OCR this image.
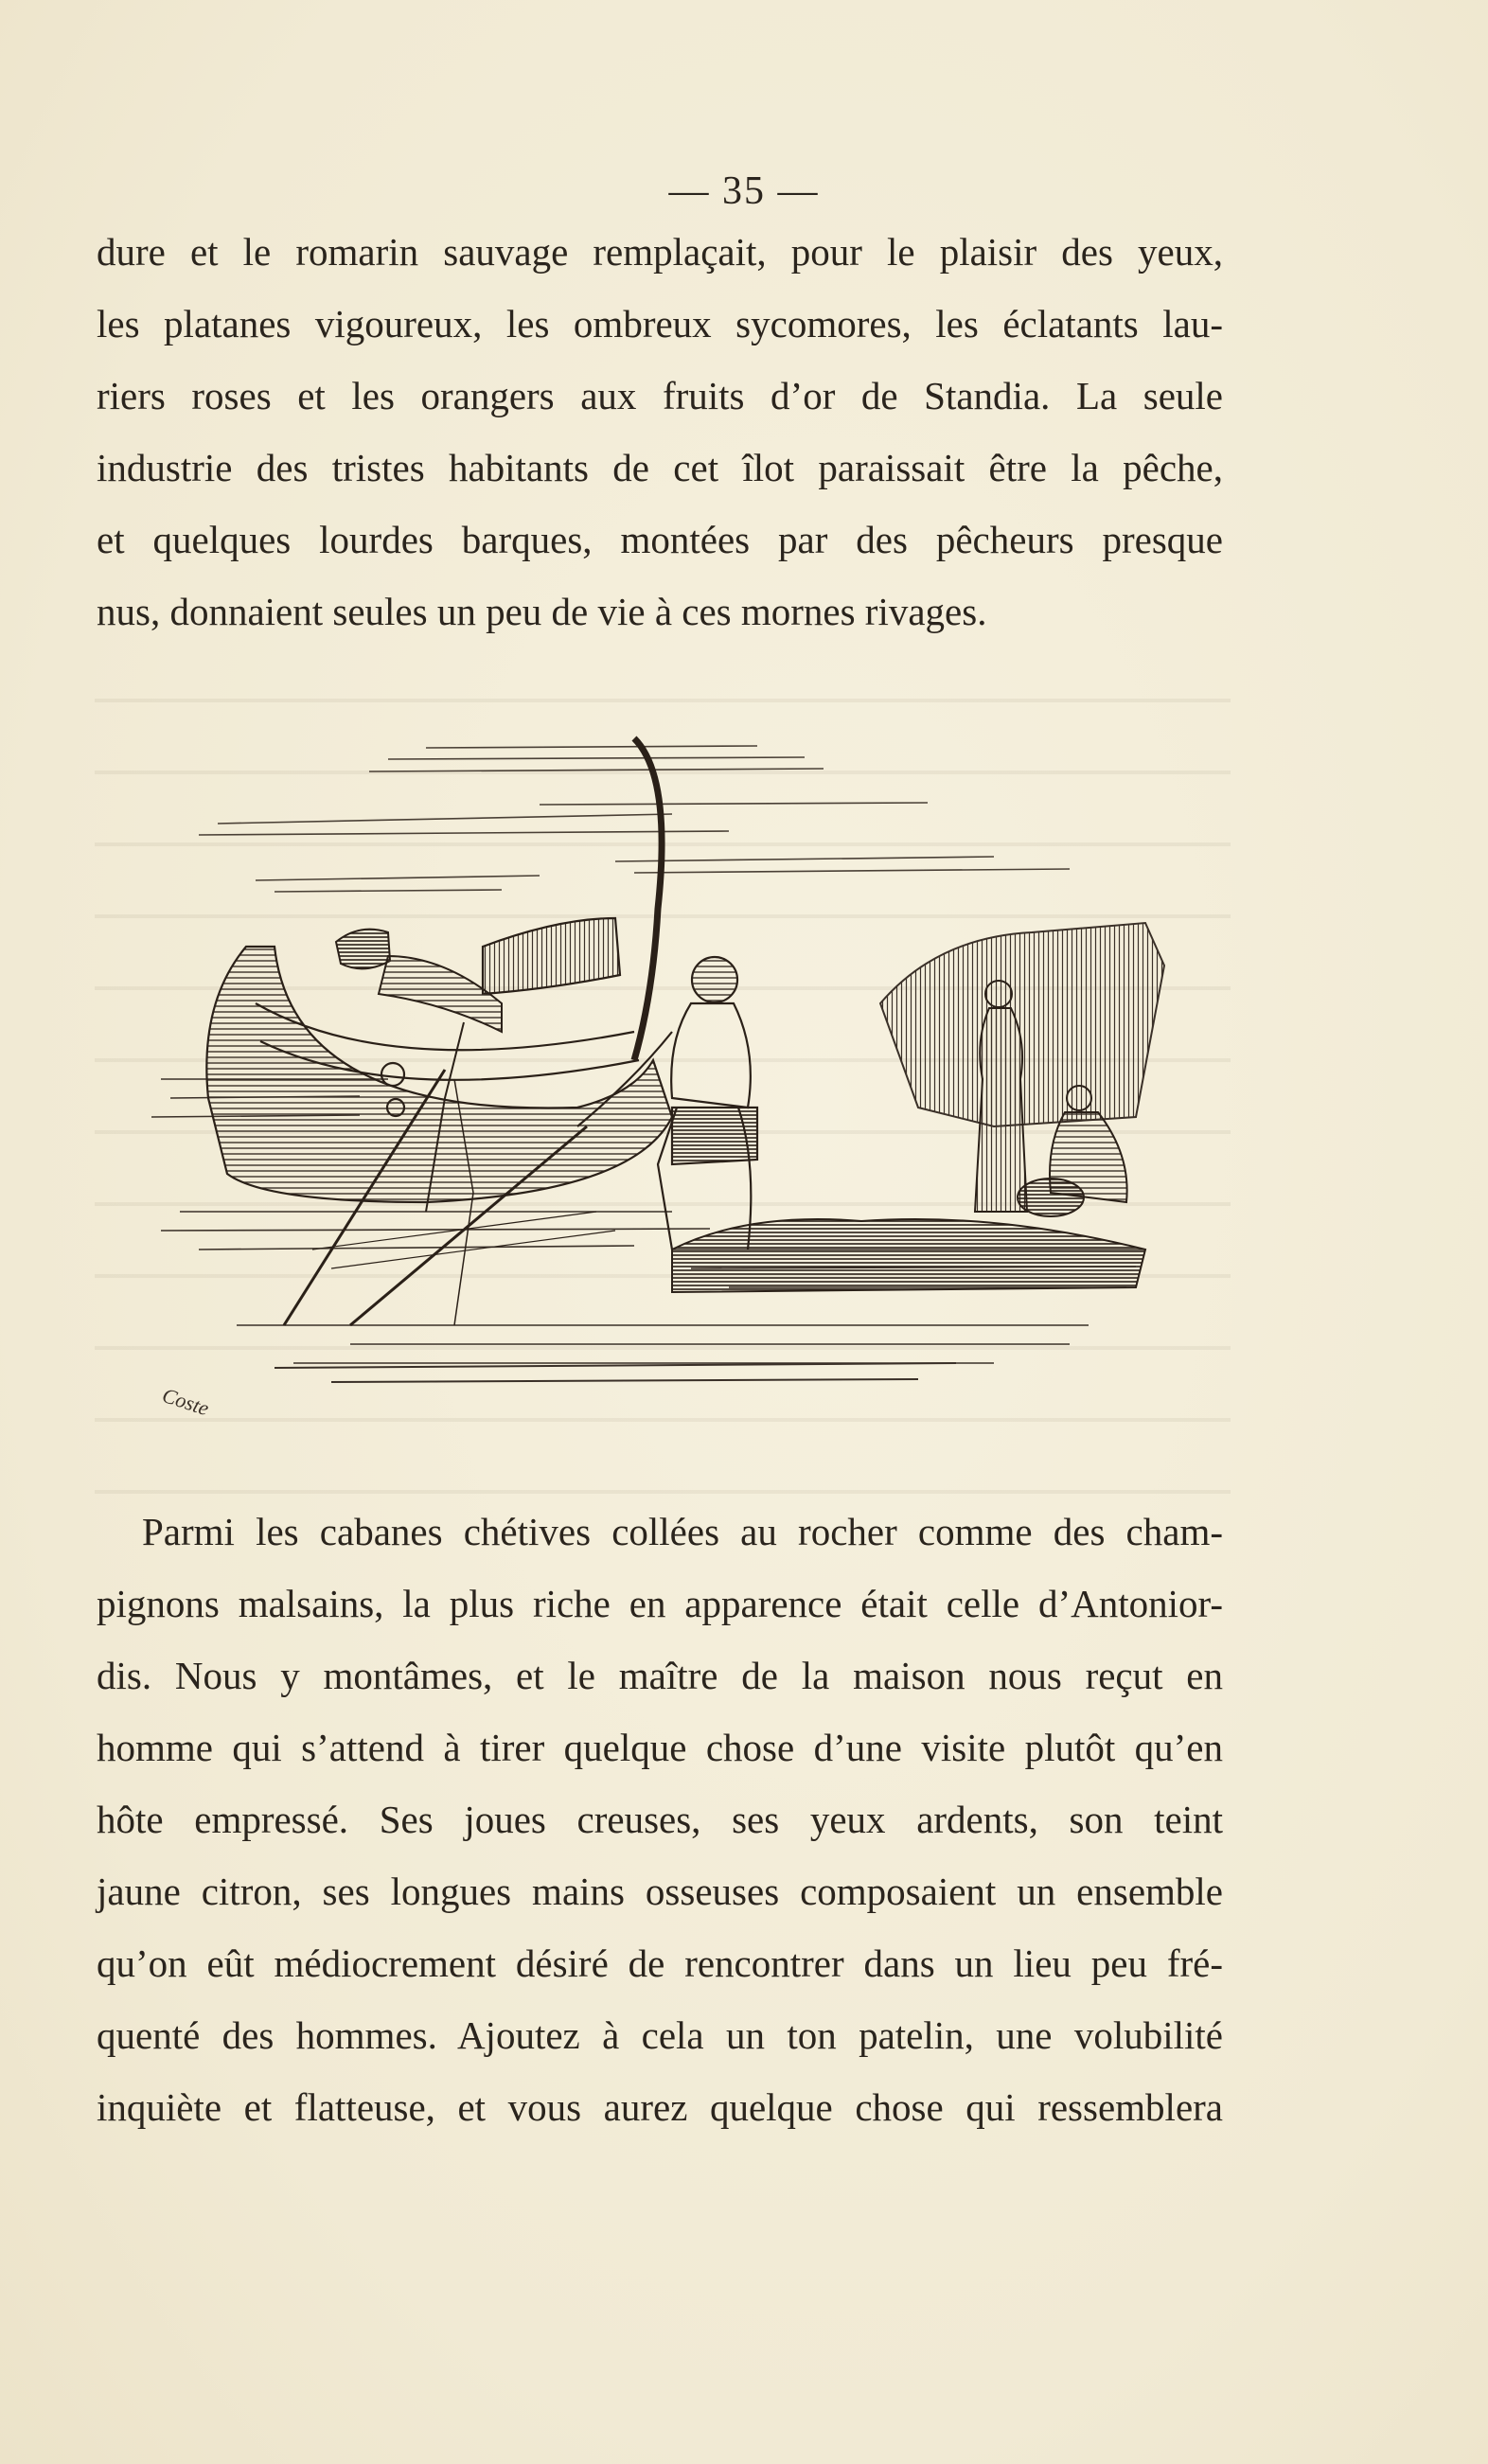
— 35 —
dure et le romarin sauvage remplaçait, pour le plaisir des yeux,
les platanes vigoureux, les ombreux sycomores, les éclatants lau-
riers roses et les orangers aux fruits d’or de Standia. La seule
industrie des tristes habitants de cet îlot paraissait être la pêche,
et quelques lourdes barques, montées par des pêcheurs presque
nus, donnaient seules un peu de vie à ces mornes rivages.
Coste
Parmi les cabanes chétives collées au rocher comme des cham-
pignons malsains, la plus riche en apparence était celle d’Antonior-
dis. Nous y montâmes, et le maître de la maison nous reçut en
homme qui s’attend à tirer quelque chose d’une visite plutôt qu’en
hôte empressé. Ses joues creuses, ses yeux ardents, son teint
jaune citron, ses longues mains osseuses composaient un ensemble
qu’on eût médiocrement désiré de rencontrer dans un lieu peu fré-
quenté des hommes. Ajoutez à cela un ton patelin, une volubilité
inquiète et flatteuse, et vous aurez quelque chose qui ressemblera
